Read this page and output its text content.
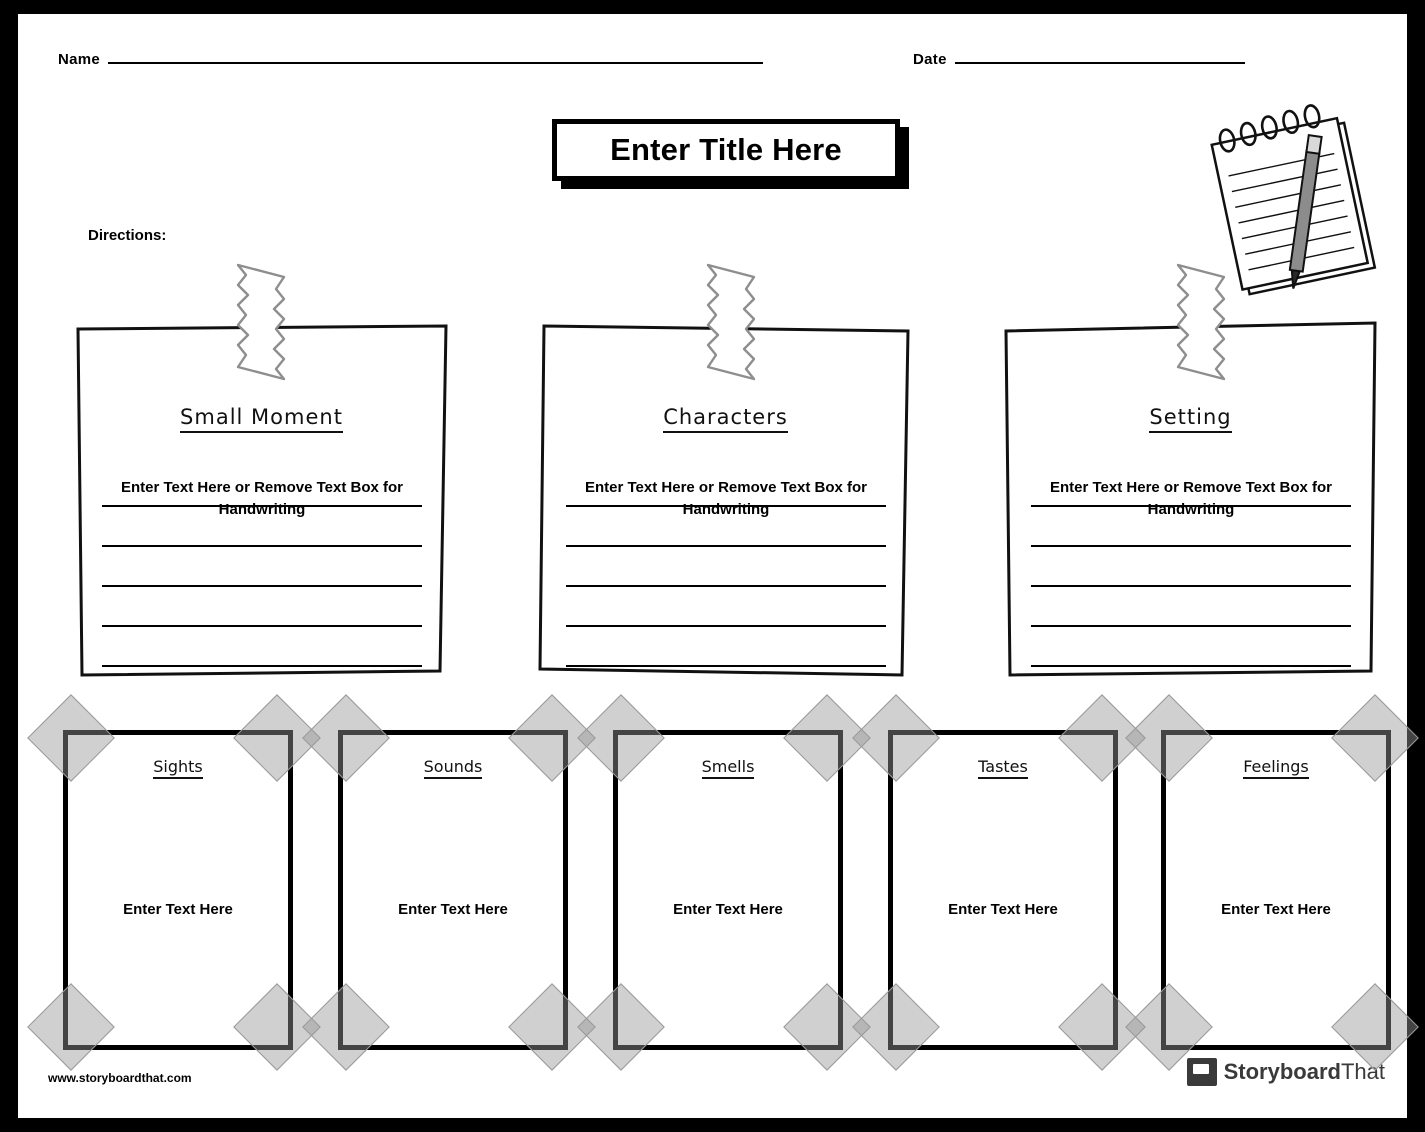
Name	Date
Enter Title Here
Directions:
Small Moment
Enter Text Here or Remove Text Box for Handwriting
Characters
Enter Text Here or Remove Text Box for Handwriting
Setting
Enter Text Here or Remove Text Box for Handwriting
Sights
Enter Text Here
Sounds
Enter Text Here
Smells
Enter Text Here
Tastes
Enter Text Here
Feelings
Enter Text Here
www.storyboardthat.com	StoryboardThat
